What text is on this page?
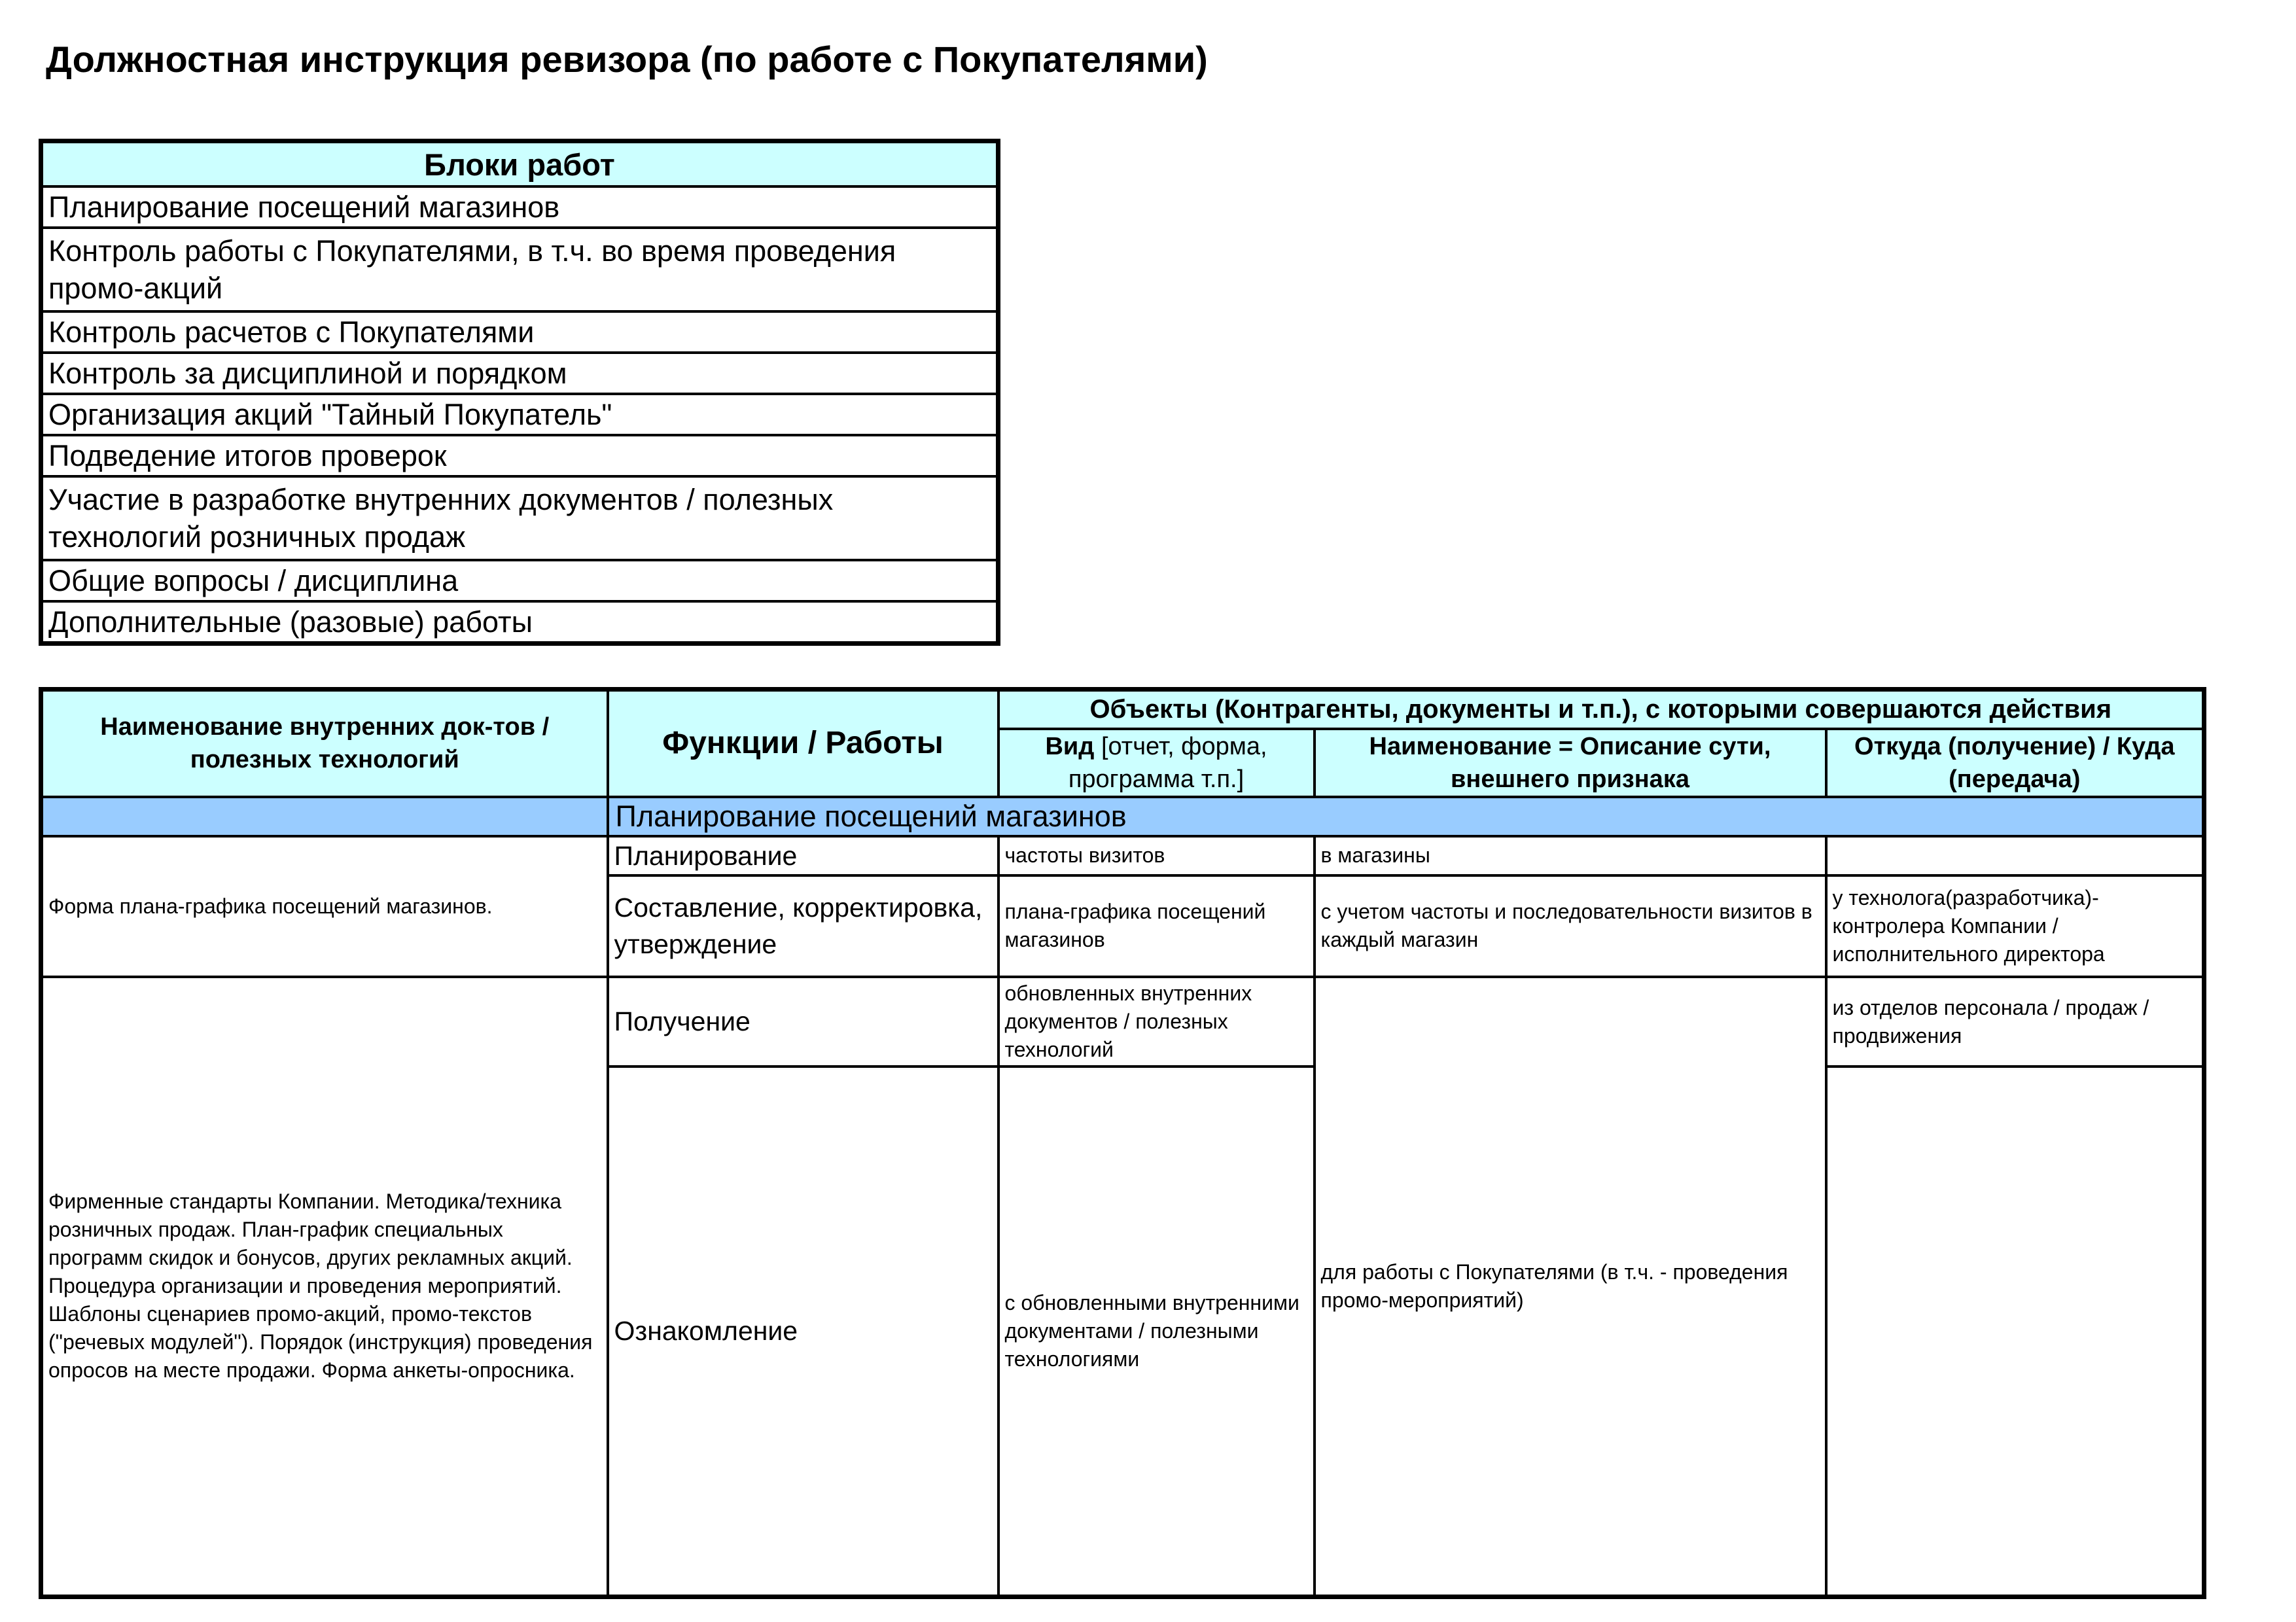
Должностная инструкция ревизора (по работе с Покупателями)
Блоки работ
Планирование посещений магазинов
Контроль работы с Покупателями, в т.ч. во время проведения промо-акций
Контроль расчетов с Покупателями
Контроль за дисциплиной и порядком
Организация акций "Тайный Покупатель"
Подведение итогов проверок
Участие в разработке внутренних документов / полезных технологий розничных продаж
Общие вопросы / дисциплина
Дополнительные (разовые) работы
Наименование внутренних док-тов / полезных технологий	Функции / Работы	Объекты (Контрагенты, документы и т.п.), с которыми совершаются действия		
		Вид [отчет, форма, программа т.п.]	Наименование = Описание сути, внешнего признака	Откуда (получение) / Куда (передача)
	Планирование посещений магазинов			
Форма плана-графика посещений магазинов.	Планирование	частоты визитов	в магазины	
	Составление, корректировка, утверждение	плана-графика посещений магазинов	с учетом частоты и последовательности визитов в каждый магазин	у технолога(разработчика)-контролера Компании / исполнительного директора
Фирменные стандарты Компании. Методика/техника розничных продаж. План-график специальных программ скидок и бонусов, других рекламных акций. Процедура организации и проведения мероприятий. Шаблоны сценариев промо-акций, промо-текстов ("речевых модулей"). Порядок (инструкция) проведения опросов на месте продажи. Форма анкеты-опросника.	Получение	обновленных внутренних документов / полезных технологий	для работы с Покупателями (в т.ч. - проведения промо-мероприятий)	из отделов персонала / продаж / продвижения
	Ознакомление	с обновленными внутренними документами / полезными технологиями		
